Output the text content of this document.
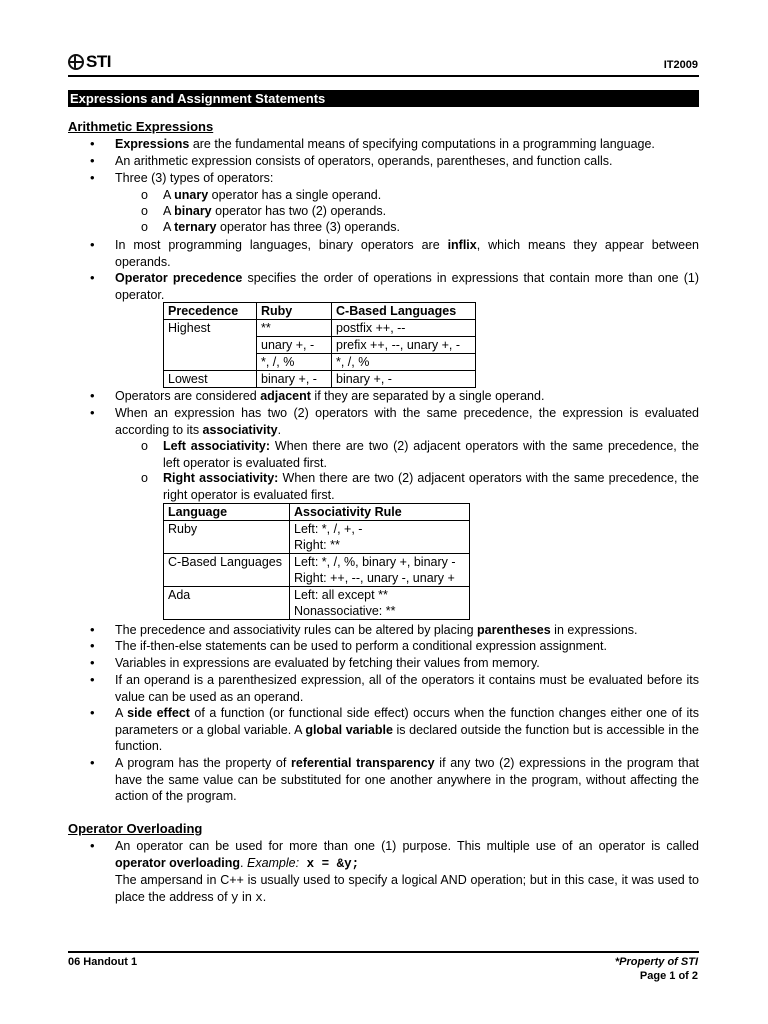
STI	IT2009
Expressions and Assignment Statements
Arithmetic Expressions
• Expressions are the fundamental means of specifying computations in a programming language.
• An arithmetic expression consists of operators, operands, parentheses, and function calls.
• Three (3) types of operators:
o A unary operator has a single operand.
o A binary operator has two (2) operands.
o A ternary operator has three (3) operands.
• In most programming languages, binary operators are inflix, which means they appear between operands.
• Operator precedence specifies the order of operations in expressions that contain more than one (1) operator.
Precedence	Ruby	C-Based Languages
Highest	**	postfix ++, --
	unary +, -	prefix ++, --, unary +, -
	*, /, %	*, /, %
Lowest	binary +, -	binary +, -
• Operators are considered adjacent if they are separated by a single operand.
• When an expression has two (2) operators with the same precedence, the expression is evaluated according to its associativity.
o Left associativity: When there are two (2) adjacent operators with the same precedence, the left operator is evaluated first.
o Right associativity: When there are two (2) adjacent operators with the same precedence, the right operator is evaluated first.
Language	Associativity Rule
Ruby	Left: *, /, +, -
Right: **

C-Based Languages	Left: *, /, %, binary +, binary -
Right: ++, --, unary -, unary +

Ada	Left: all except **
Nonassociative: **
• The precedence and associativity rules can be altered by placing parentheses in expressions.
• The if-then-else statements can be used to perform a conditional expression assignment.
• Variables in expressions are evaluated by fetching their values from memory.
• If an operand is a parenthesized expression, all of the operators it contains must be evaluated before its value can be used as an operand.
• A side effect of a function (or functional side effect) occurs when the function changes either one of its parameters or a global variable. A global variable is declared outside the function but is accessible in the function.
• A program has the property of referential transparency if any two (2) expressions in the program that have the same value can be substituted for one another anywhere in the program, without affecting the action of the program.
Operator Overloading
• An operator can be used for more than one (1) purpose. This multiple use of an operator is called operator overloading. Example: x = &y;
The ampersand in C++ is usually used to specify a logical AND operation; but in this case, it was used to place the address of y in x.
06 Handout 1	*Property of STI
Page 1 of 2
